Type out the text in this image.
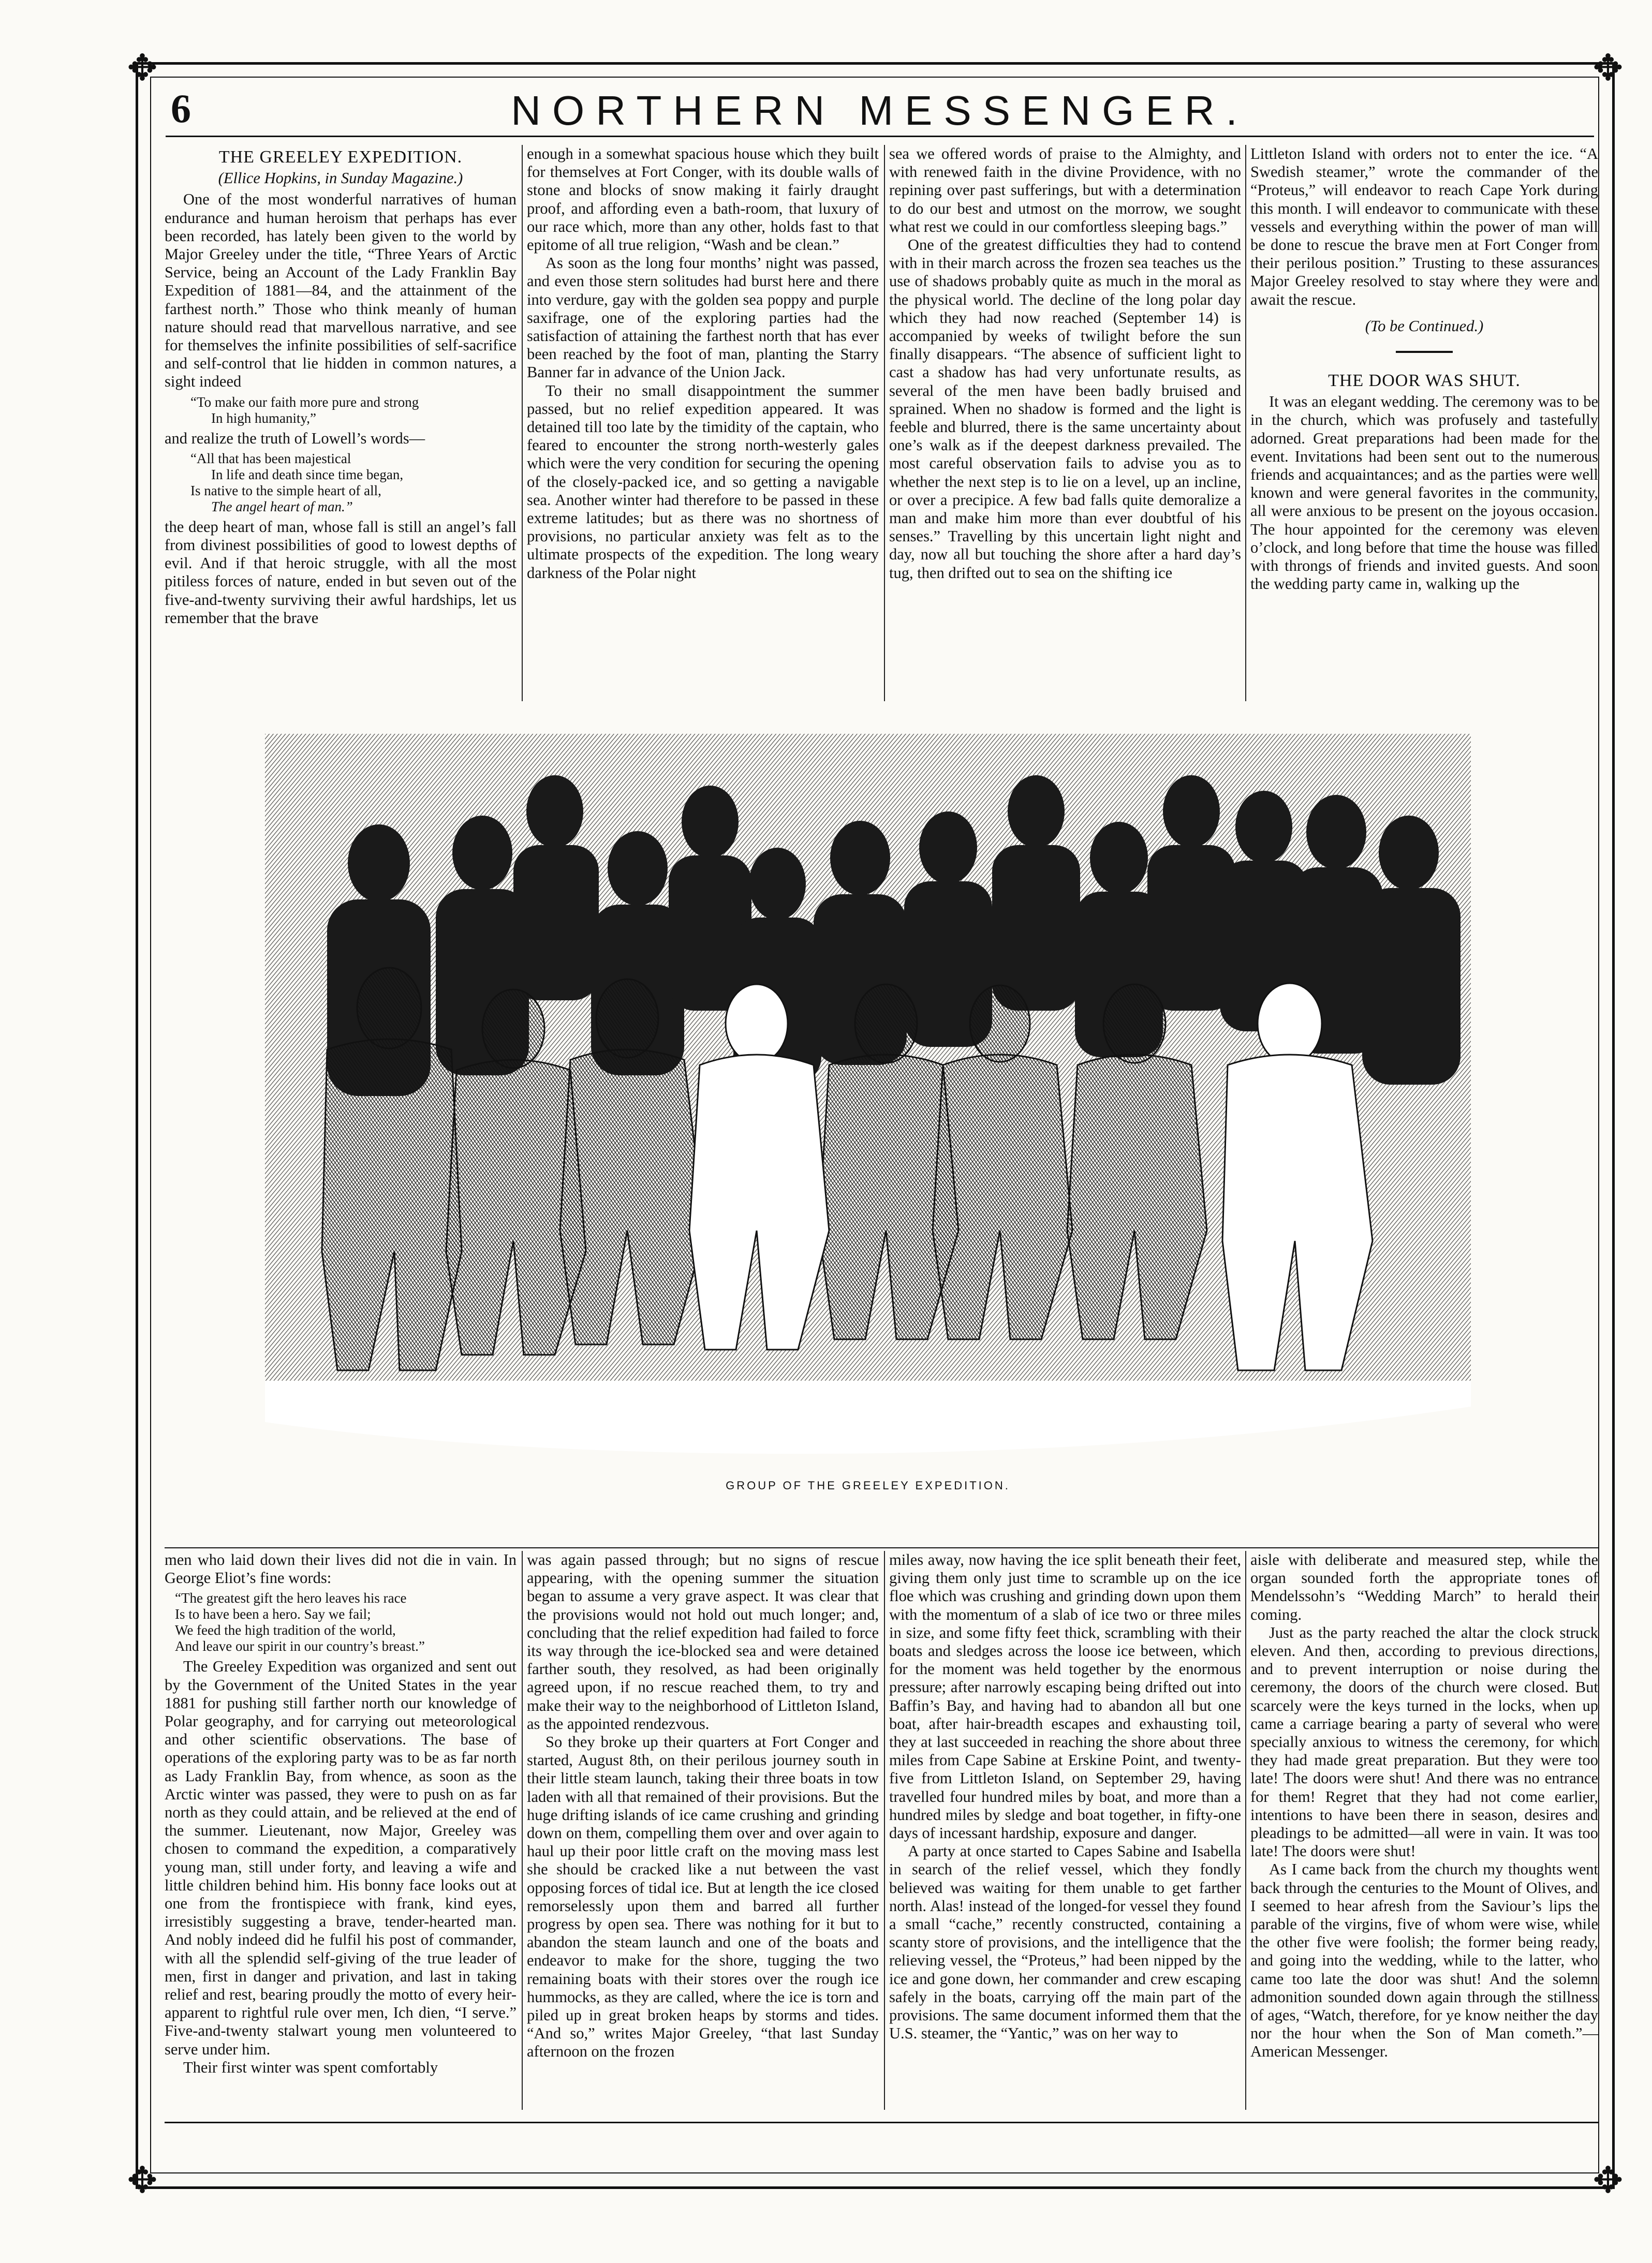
✥	✥
✥	✥
6	NORTHERN MESSENGER.
THE GREELEY EXPEDITION.
(Ellice Hopkins, in Sunday Magazine.)

One of the most wonderful narratives of human endurance and human heroism that perhaps has ever been recorded, has lately been given to the world by Major Greeley under the title, “Three Years of Arctic Service, being an Account of the Lady Franklin Bay Expedition of 1881—84, and the attainment of the farthest north.” Those who think meanly of human nature should read that marvellous narrative, and see for themselves the infinite possibilities of self-sacrifice and self-control that lie hidden in common natures, a sight indeed

“To make our faith more pure and strong
In high humanity,”

and realize the truth of Lowell’s words—

“All that has been majestical
In life and death since time began,
Is native to the simple heart of all,
The angel heart of man.”

the deep heart of man, whose fall is still an angel’s fall from divinest possibilities of good to lowest depths of evil. And if that heroic struggle, with all the most pitiless forces of nature, ended in but seven out of the five-and-twenty surviving their awful hardships, let us remember that the brave

enough in a somewhat spacious house which they built for themselves at Fort Conger, with its double walls of stone and blocks of snow making it fairly draught proof, and affording even a bath-room, that luxury of our race which, more than any other, holds fast to that epitome of all true religion, “Wash and be clean.”

As soon as the long four months’ night was passed, and even those stern solitudes had burst here and there into verdure, gay with the golden sea poppy and purple saxifrage, one of the exploring parties had the satisfaction of attaining the farthest north that has ever been reached by the foot of man, planting the Starry Banner far in advance of the Union Jack.

To their no small disappointment the summer passed, but no relief expedition appeared. It was detained till too late by the timidity of the captain, who feared to encounter the strong north-westerly gales which were the very condition for securing the opening of the closely-packed ice, and so getting a navigable sea. Another winter had therefore to be passed in these extreme latitudes; but as there was no shortness of provisions, no particular anxiety was felt as to the ultimate prospects of the expedition. The long weary darkness of the Polar night

sea we offered words of praise to the Almighty, and with renewed faith in the divine Providence, with no repining over past sufferings, but with a determination to do our best and utmost on the morrow, we sought what rest we could in our comfortless sleeping bags.”

One of the greatest difficulties they had to contend with in their march across the frozen sea teaches us the use of shadows probably quite as much in the moral as the physical world. The decline of the long polar day which they had now reached (September 14) is accompanied by weeks of twilight before the sun finally disappears. “The absence of sufficient light to cast a shadow has had very unfortunate results, as several of the men have been badly bruised and sprained. When no shadow is formed and the light is feeble and blurred, there is the same uncertainty about one’s walk as if the deepest darkness prevailed. The most careful observation fails to advise you as to whether the next step is to lie on a level, up an incline, or over a precipice. A few bad falls quite demoralize a man and make him more than ever doubtful of his senses.” Travelling by this uncertain light night and day, now all but touching the shore after a hard day’s tug, then drifted out to sea on the shifting ice

Littleton Island with orders not to enter the ice. “A Swedish steamer,” wrote the commander of the “Proteus,” will endeavor to reach Cape York during this month. I will endeavor to communicate with these vessels and everything within the power of man will be done to rescue the brave men at Fort Conger from their perilous position.” Trusting to these assurances Major Greeley resolved to stay where they were and await the rescue.

(To be Continued.)
THE DOOR WAS SHUT.

It was an elegant wedding. The ceremony was to be in the church, which was profusely and tastefully adorned. Great preparations had been made for the event. Invitations had been sent out to the numerous friends and acquaintances; and as the parties were well known and were general favorites in the community, all were anxious to be present on the joyous occasion. The hour appointed for the ceremony was eleven o’clock, and long before that time the house was filled with throngs of friends and invited guests. And soon the wedding party came in, walking up the

GROUP OF THE GREELEY EXPEDITION.

men who laid down their lives did not die in vain. In George Eliot’s fine words:

“The greatest gift the hero leaves his race
Is to have been a hero. Say we fail;
We feed the high tradition of the world,
And leave our spirit in our country’s breast.”

The Greeley Expedition was organized and sent out by the Government of the United States in the year 1881 for pushing still farther north our knowledge of Polar geography, and for carrying out meteorological and other scientific observations. The base of operations of the exploring party was to be as far north as Lady Franklin Bay, from whence, as soon as the Arctic winter was passed, they were to push on as far north as they could attain, and be relieved at the end of the summer. Lieutenant, now Major, Greeley was chosen to command the expedition, a comparatively young man, still under forty, and leaving a wife and little children behind him. His bonny face looks out at one from the frontispiece with frank, kind eyes, irresistibly suggesting a brave, tender-hearted man. And nobly indeed did he fulfil his post of commander, with all the splendid self-giving of the true leader of men, first in danger and privation, and last in taking relief and rest, bearing proudly the motto of every heir-apparent to rightful rule over men, Ich dien, “I serve.” Five-and-twenty stalwart young men volunteered to serve under him.

Their first winter was spent comfortably

was again passed through; but no signs of rescue appearing, with the opening summer the situation began to assume a very grave aspect. It was clear that the provisions would not hold out much longer; and, concluding that the relief expedition had failed to force its way through the ice-blocked sea and were detained farther south, they resolved, as had been originally agreed upon, if no rescue reached them, to try and make their way to the neighborhood of Littleton Island, as the appointed rendezvous.

So they broke up their quarters at Fort Conger and started, August 8th, on their perilous journey south in their little steam launch, taking their three boats in tow laden with all that remained of their provisions. But the huge drifting islands of ice came crushing and grinding down on them, compelling them over and over again to haul up their poor little craft on the moving mass lest she should be cracked like a nut between the vast opposing forces of tidal ice. But at length the ice closed remorselessly upon them and barred all further progress by open sea. There was nothing for it but to abandon the steam launch and one of the boats and endeavor to make for the shore, tugging the two remaining boats with their stores over the rough ice hummocks, as they are called, where the ice is torn and piled up in great broken heaps by storms and tides. “And so,” writes Major Greeley, “that last Sunday afternoon on the frozen

miles away, now having the ice split beneath their feet, giving them only just time to scramble up on the ice floe which was crushing and grinding down upon them with the momentum of a slab of ice two or three miles in size, and some fifty feet thick, scrambling with their boats and sledges across the loose ice between, which for the moment was held together by the enormous pressure; after narrowly escaping being drifted out into Baffin’s Bay, and having had to abandon all but one boat, after hair-breadth escapes and exhausting toil, they at last succeeded in reaching the shore about three miles from Cape Sabine at Erskine Point, and twenty-five from Littleton Island, on September 29, having travelled four hundred miles by boat, and more than a hundred miles by sledge and boat together, in fifty-one days of incessant hardship, exposure and danger.

A party at once started to Capes Sabine and Isabella in search of the relief vessel, which they fondly believed was waiting for them unable to get farther north. Alas! instead of the longed-for vessel they found a small “cache,” recently constructed, containing a scanty store of provisions, and the intelligence that the relieving vessel, the “Proteus,” had been nipped by the ice and gone down, her commander and crew escaping safely in the boats, carrying off the main part of the provisions. The same document informed them that the U.S. steamer, the “Yantic,” was on her way to

aisle with deliberate and measured step, while the organ sounded forth the appropriate tones of Mendelssohn’s “Wedding March” to herald their coming.

Just as the party reached the altar the clock struck eleven. And then, according to previous directions, and to prevent interruption or noise during the ceremony, the doors of the church were closed. But scarcely were the keys turned in the locks, when up came a carriage bearing a party of several who were specially anxious to witness the ceremony, for which they had made great preparation. But they were too late! The doors were shut! And there was no entrance for them! Regret that they had not come earlier, intentions to have been there in season, desires and pleadings to be admitted—all were in vain. It was too late! The doors were shut!

As I came back from the church my thoughts went back through the centuries to the Mount of Olives, and I seemed to hear afresh from the Saviour’s lips the parable of the virgins, five of whom were wise, while the other five were foolish; the former being ready, and going into the wedding, while to the latter, who came too late the door was shut! And the solemn admonition sounded down again through the stillness of ages, “Watch, therefore, for ye know neither the day nor the hour when the Son of Man cometh.”—American Messenger.
